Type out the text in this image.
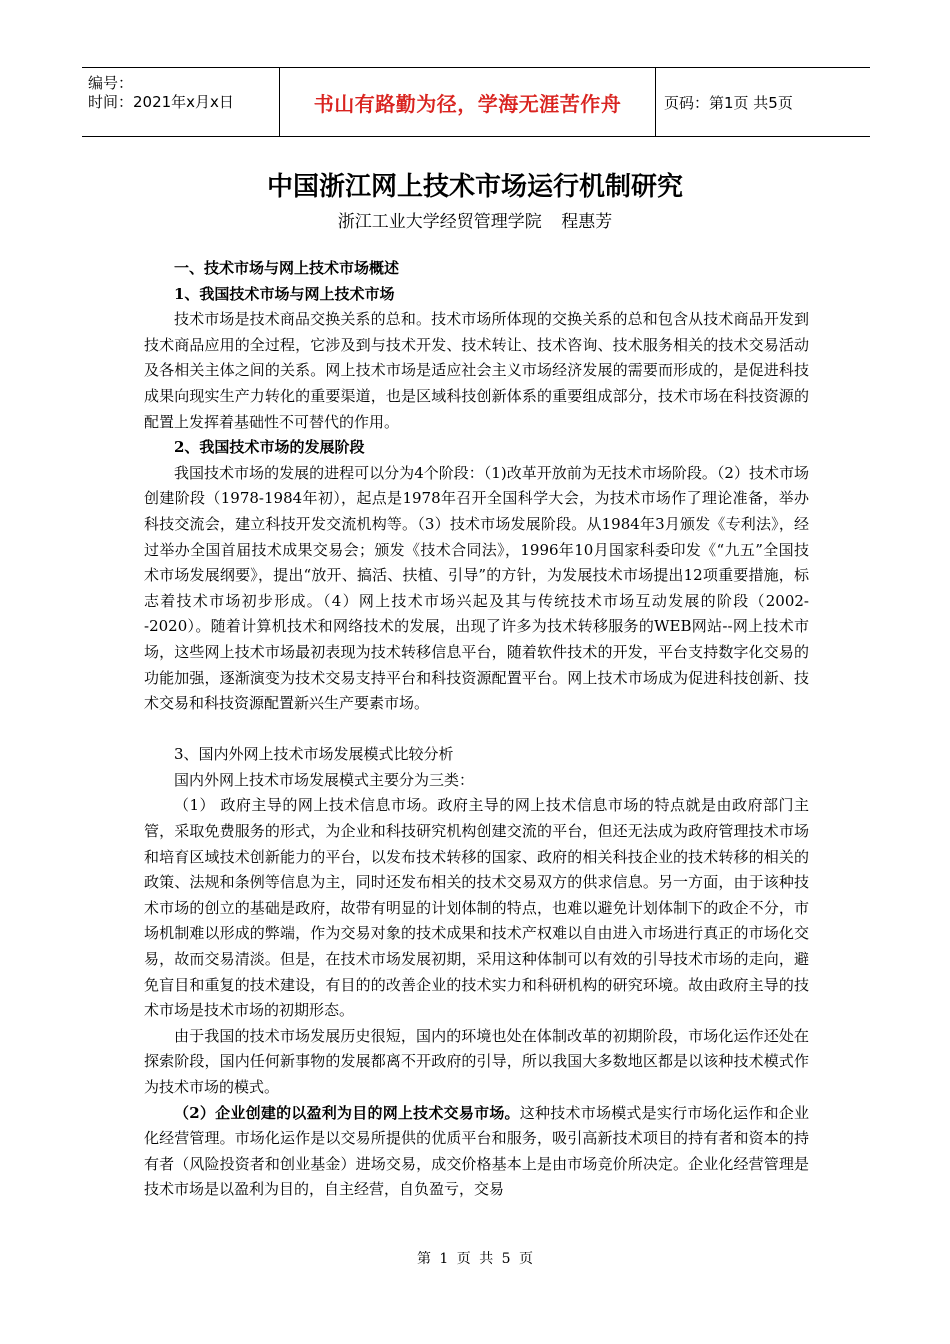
编号：
时间：2021年x月x日	书山有路勤为径，学海无涯苦作舟	页码：第1页 共5页
中国浙江网上技术市场运行机制研究
浙江工业大学经贸管理学院 程惠芳

一、技术市场与网上技术市场概述

1、我国技术市场与网上技术市场

技术市场是技术商品交换关系的总和。技术市场所体现的交换关系的总和包含从技术商品开发到技术商品应用的全过程，它涉及到与技术开发、技术转让、技术咨询、技术服务相关的技术交易活动及各相关主体之间的关系。网上技术市场是适应社会主义市场经济发展的需要而形成的，是促进科技成果向现实生产力转化的重要渠道，也是区域科技创新体系的重要组成部分，技术市场在科技资源的配置上发挥着基础性不可替代的作用。

2、我国技术市场的发展阶段

我国技术市场的发展的进程可以分为4个阶段：（1)改革开放前为无技术市场阶段。（2）技术市场创建阶段（1978-1984年初），起点是1978年召开全国科学大会，为技术市场作了理论准备，举办科技交流会，建立科技开发交流机构等。（3）技术市场发展阶段。从1984年3月颁发《专利法》，经过举办全国首届技术成果交易会；颁发《技术合同法》，1996年10月国家科委印发《“九五”全国技术市场发展纲要》，提出“放开、搞活、扶植、引导”的方针，为发展技术市场提出12项重要措施，标志着技术市场初步形成。（4）网上技术市场兴起及其与传统技术市场互动发展的阶段（2002--2020）。随着计算机技术和网络技术的发展，出现了许多为技术转移服务的WEB网站--网上技术市场，这些网上技术市场最初表现为技术转移信息平台，随着软件技术的开发，平台支持数字化交易的功能加强，逐渐演变为技术交易支持平台和科技资源配置平台。网上技术市场成为促进科技创新、技术交易和科技资源配置新兴生产要素市场。

3、国内外网上技术市场发展模式比较分析

国内外网上技术市场发展模式主要分为三类：

（1） 政府主导的网上技术信息市场。政府主导的网上技术信息市场的特点就是由政府部门主管，采取免费服务的形式，为企业和科技研究机构创建交流的平台，但还无法成为政府管理技术市场和培育区域技术创新能力的平台，以发布技术转移的国家、政府的相关科技企业的技术转移的相关的政策、法规和条例等信息为主，同时还发布相关的技术交易双方的供求信息。另一方面，由于该种技术市场的创立的基础是政府，故带有明显的计划体制的特点，也难以避免计划体制下的政企不分，市场机制难以形成的弊端，作为交易对象的技术成果和技术产权难以自由进入市场进行真正的市场化交易，故而交易清淡。但是，在技术市场发展初期，采用这种体制可以有效的引导技术市场的走向，避免盲目和重复的技术建设，有目的的改善企业的技术实力和科研机构的研究环境。故由政府主导的技术市场是技术市场的初期形态。

由于我国的技术市场发展历史很短，国内的环境也处在体制改革的初期阶段，市场化运作还处在探索阶段，国内任何新事物的发展都离不开政府的引导，所以我国大多数地区都是以该种技术模式作为技术市场的模式。

（2）企业创建的以盈利为目的网上技术交易市场。这种技术市场模式是实行市场化运作和企业化经营管理。市场化运作是以交易所提供的优质平台和服务，吸引高新技术项目的持有者和资本的持有者（风险投资者和创业基金）进场交易，成交价格基本上是由市场竞价所决定。企业化经营管理是技术市场是以盈利为目的，自主经营，自负盈亏，交易

第 1 页 共 5 页
